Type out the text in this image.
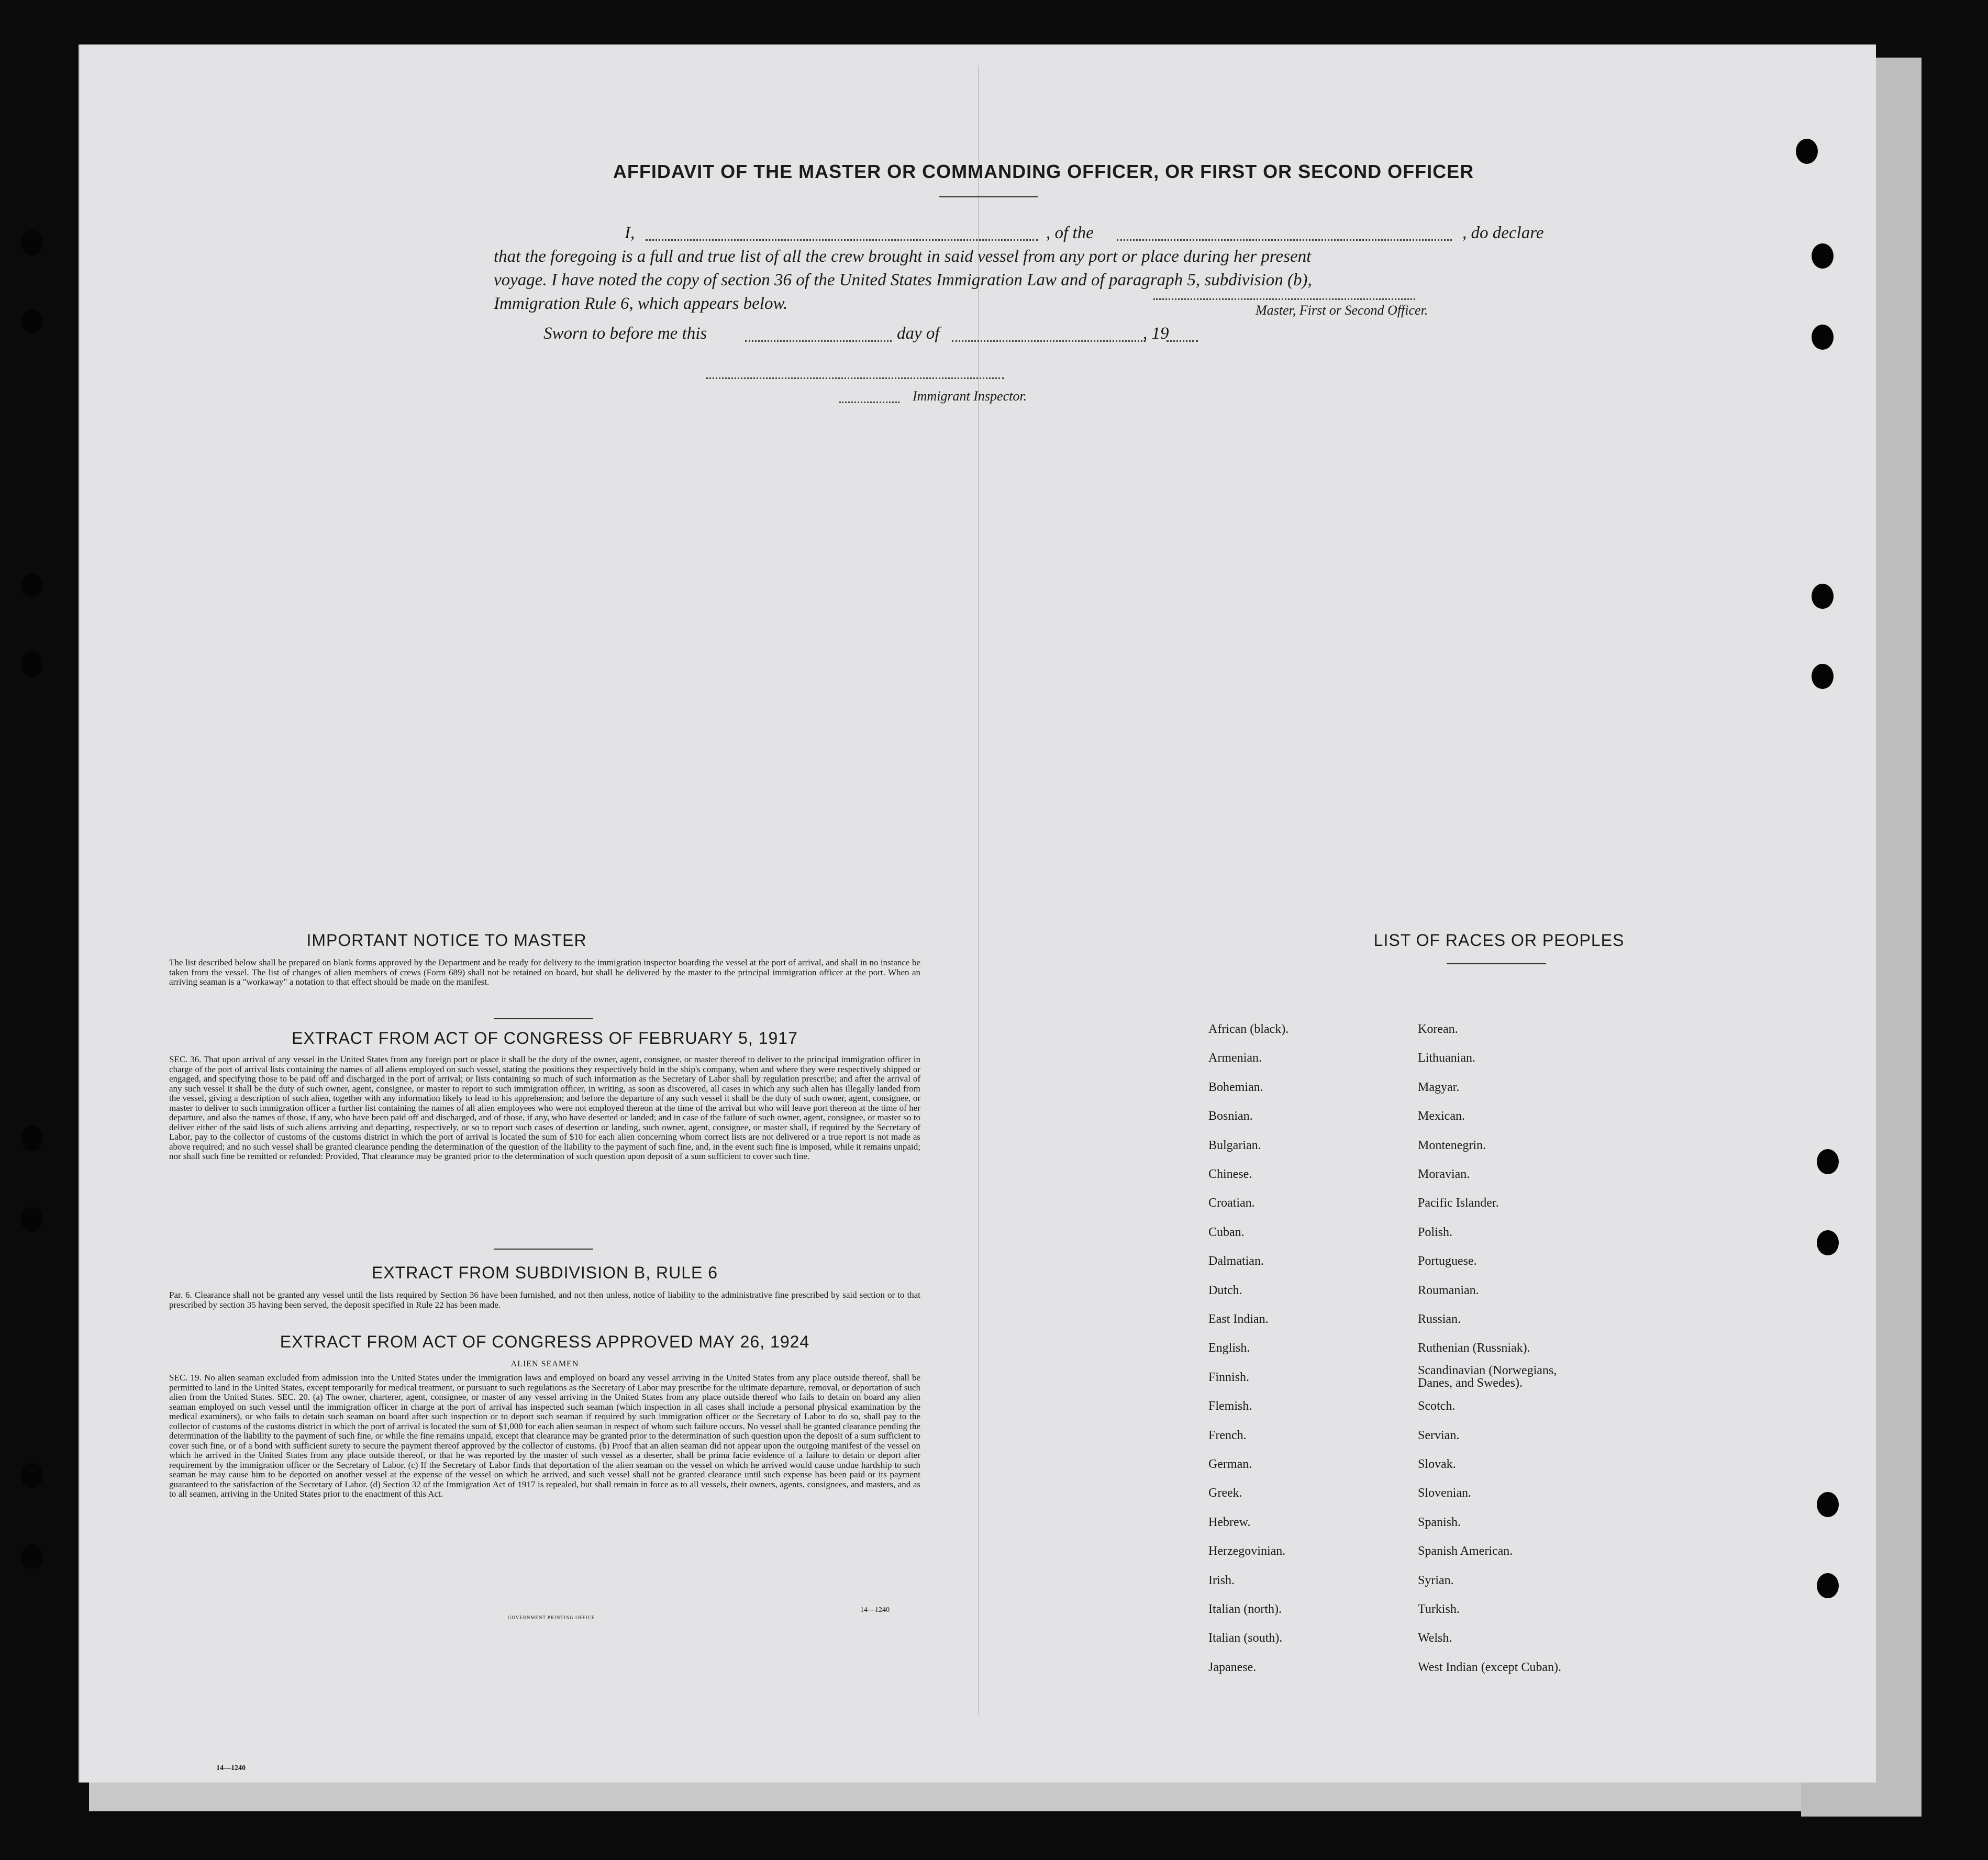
AFFIDAVIT OF THE MASTER OR COMMANDING OFFICER, OR FIRST OR SECOND OFFICER
I,	, of the	, do declare
that the foregoing is a full and true list of all the crew brought in said vessel from any port or place during her present
voyage. I have noted the copy of section 36 of the United States Immigration Law and of paragraph 5, subdivision (b),
Immigration Rule 6, which appears below.	Master, First or Second Officer.
Sworn to before me this	day of	, 19
Immigrant Inspector.
IMPORTANT NOTICE TO MASTER
The list described below shall be prepared on blank forms approved by the Department and be ready for delivery to the immigration inspector boarding the vessel at the port of arrival, and shall in no instance be taken from the vessel. The list of changes of alien members of crews (Form 689) shall not be retained on board, but shall be delivered by the master to the principal immigration officer at the port. When an arriving seaman is a "workaway" a notation to that effect should be made on the manifest.
EXTRACT FROM ACT OF CONGRESS OF FEBRUARY 5, 1917
SEC. 36. That upon arrival of any vessel in the United States from any foreign port or place it shall be the duty of the owner, agent, consignee, or master thereof to deliver to the principal immigration officer in charge of the port of arrival lists containing the names of all aliens employed on such vessel, stating the positions they respectively hold in the ship's company, when and where they were respectively shipped or engaged, and specifying those to be paid off and discharged in the port of arrival; or lists containing so much of such information as the Secretary of Labor shall by regulation prescribe; and after the arrival of any such vessel it shall be the duty of such owner, agent, consignee, or master to report to such immigration officer, in writing, as soon as discovered, all cases in which any such alien has illegally landed from the vessel, giving a description of such alien, together with any information likely to lead to his apprehension; and before the departure of any such vessel it shall be the duty of such owner, agent, consignee, or master to deliver to such immigration officer a further list containing the names of all alien employees who were not employed thereon at the time of the arrival but who will leave port thereon at the time of her departure, and also the names of those, if any, who have been paid off and discharged, and of those, if any, who have deserted or landed; and in case of the failure of such owner, agent, consignee, or master so to deliver either of the said lists of such aliens arriving and departing, respectively, or so to report such cases of desertion or landing, such owner, agent, consignee, or master shall, if required by the Secretary of Labor, pay to the collector of customs of the customs district in which the port of arrival is located the sum of $10 for each alien concerning whom correct lists are not delivered or a true report is not made as above required; and no such vessel shall be granted clearance pending the determination of the question of the liability to the payment of such fine, and, in the event such fine is imposed, while it remains unpaid; nor shall such fine be remitted or refunded: Provided, That clearance may be granted prior to the determination of such question upon deposit of a sum sufficient to cover such fine.
EXTRACT FROM SUBDIVISION B, RULE 6
Par. 6. Clearance shall not be granted any vessel until the lists required by Section 36 have been furnished, and not then unless, notice of liability to the administrative fine prescribed by said section or to that prescribed by section 35 having been served, the deposit specified in Rule 22 has been made.
EXTRACT FROM ACT OF CONGRESS APPROVED MAY 26, 1924
ALIEN SEAMEN
SEC. 19. No alien seaman excluded from admission into the United States under the immigration laws and employed on board any vessel arriving in the United States from any place outside thereof, shall be permitted to land in the United States, except temporarily for medical treatment, or pursuant to such regulations as the Secretary of Labor may prescribe for the ultimate departure, removal, or deportation of such alien from the United States. SEC. 20. (a) The owner, charterer, agent, consignee, or master of any vessel arriving in the United States from any place outside thereof who fails to detain on board any alien seaman employed on such vessel until the immigration officer in charge at the port of arrival has inspected such seaman (which inspection in all cases shall include a personal physical examination by the medical examiners), or who fails to detain such seaman on board after such inspection or to deport such seaman if required by such immigration officer or the Secretary of Labor to do so, shall pay to the collector of customs of the customs district in which the port of arrival is located the sum of $1,000 for each alien seaman in respect of whom such failure occurs. No vessel shall be granted clearance pending the determination of the liability to the payment of such fine, or while the fine remains unpaid, except that clearance may be granted prior to the determination of such question upon the deposit of a sum sufficient to cover such fine, or of a bond with sufficient surety to secure the payment thereof approved by the collector of customs. (b) Proof that an alien seaman did not appear upon the outgoing manifest of the vessel on which he arrived in the United States from any place outside thereof, or that he was reported by the master of such vessel as a deserter, shall be prima facie evidence of a failure to detain or deport after requirement by the immigration officer or the Secretary of Labor. (c) If the Secretary of Labor finds that deportation of the alien seaman on the vessel on which he arrived would cause undue hardship to such seaman he may cause him to be deported on another vessel at the expense of the vessel on which he arrived, and such vessel shall not be granted clearance until such expense has been paid or its payment guaranteed to the satisfaction of the Secretary of Labor. (d) Section 32 of the Immigration Act of 1917 is repealed, but shall remain in force as to all vessels, their owners, agents, consignees, and masters, and as to all seamen, arriving in the United States prior to the enactment of this Act.
GOVERNMENT PRINTING OFFICE
14—1240
LIST OF RACES OR PEOPLES
African (black).
Armenian.
Bohemian.
Bosnian.
Bulgarian.
Chinese.
Croatian.
Cuban.
Dalmatian.
Dutch.
East Indian.
English.
Finnish.
Flemish.
French.
German.
Greek.
Hebrew.
Herzegovinian.
Irish.
Italian (north).
Italian (south).
Japanese.
Korean.
Lithuanian.
Magyar.
Mexican.
Montenegrin.
Moravian.
Pacific Islander.
Polish.
Portuguese.
Roumanian.
Russian.
Ruthenian (Russniak).
Scandinavian (Norwegians, Danes, and Swedes).
Scotch.
Servian.
Slovak.
Slovenian.
Spanish.
Spanish American.
Syrian.
Turkish.
Welsh.
West Indian (except Cuban).
14—1240
